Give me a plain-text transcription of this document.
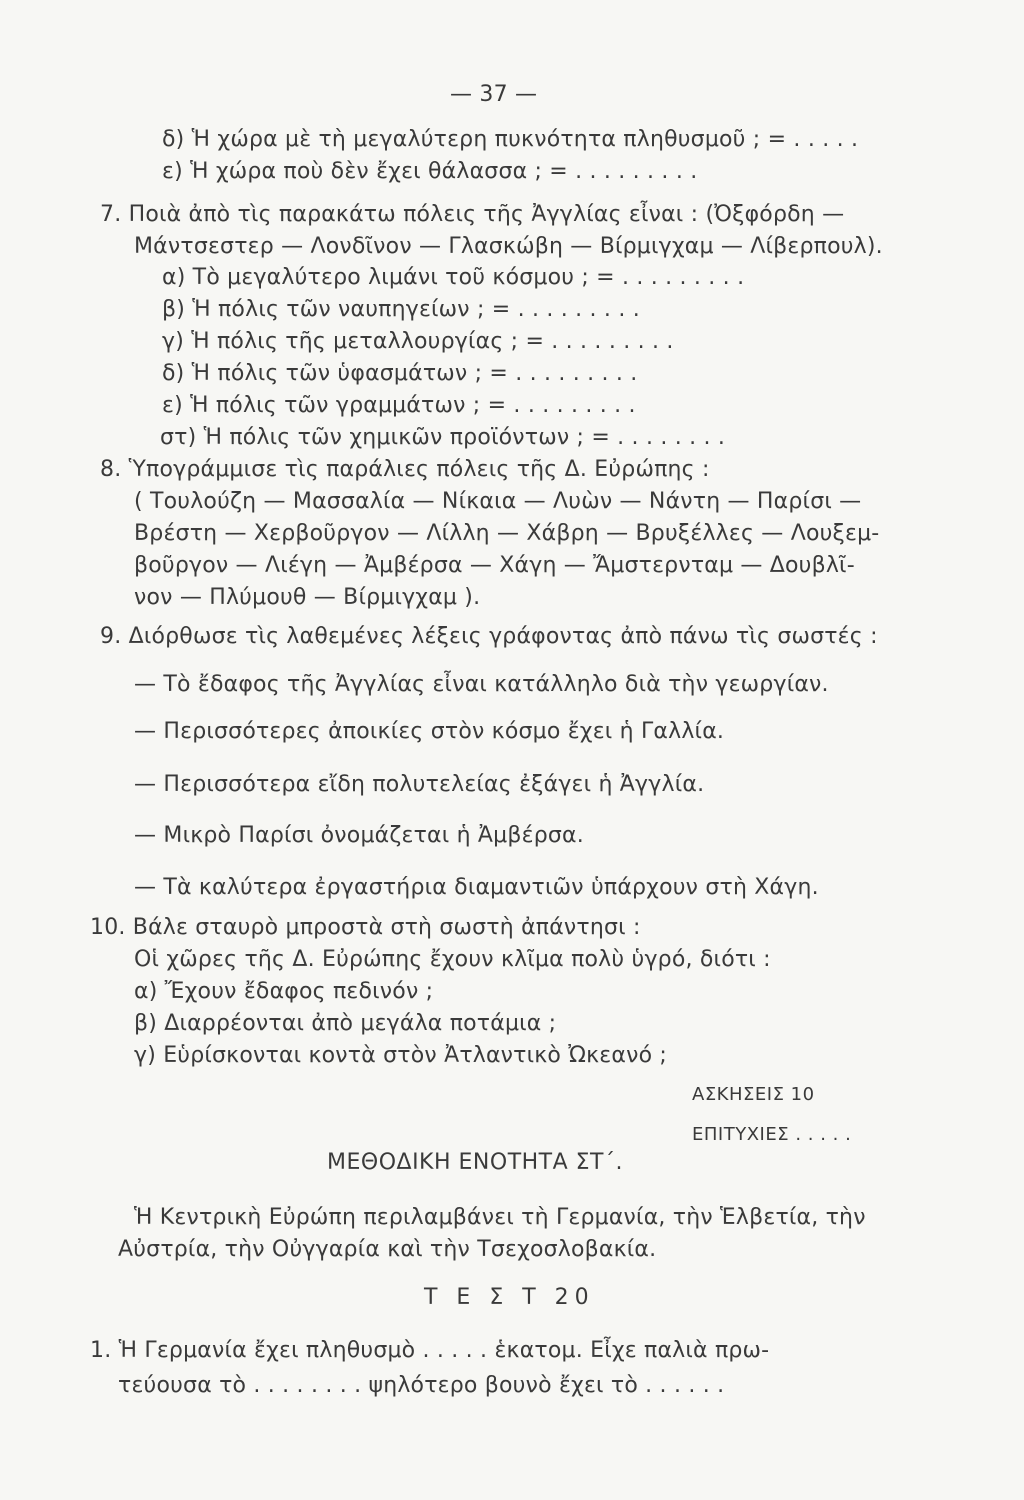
— 37 —
δ) Ἡ χώρα μὲ τὴ μεγαλύτερη πυκνότητα πληθυσμοῦ ; = . . . . .
ε) Ἡ χώρα ποὺ δὲν ἔχει θάλασσα ; = . . . . . . . . .
7. Ποιὰ ἀπὸ τὶς παρακάτω πόλεις τῆς Ἀγγλίας εἶναι : (Ὀξφόρδη —
Μάντσεστερ — Λονδῖνον — Γλασκώβη — Βίρμιγχαμ — Λίβερπουλ).
α) Τὸ μεγαλύτερο λιμάνι τοῦ κόσμου ; = . . . . . . . . .
β) Ἡ πόλις τῶν ναυπηγείων ; = . . . . . . . . .
γ) Ἡ πόλις τῆς μεταλλουργίας ; = . . . . . . . . .
δ) Ἡ πόλις τῶν ὑφασμάτων ; = . . . . . . . . .
ε) Ἡ πόλις τῶν γραμμάτων ; = . . . . . . . . .
στ) Ἡ πόλις τῶν χημικῶν προϊόντων ; = . . . . . . . .
8. Ὑπογράμμισε τὶς παράλιες πόλεις τῆς Δ. Εὐρώπης :
( Τουλούζη — Μασσαλία — Νίκαια — Λυὼν — Νάντη — Παρίσι —
Βρέστη — Χερβοῦργον — Λίλλη — Χάβρη — Βρυξέλλες — Λουξεμ-
βοῦργον — Λιέγη — Ἀμβέρσα — Χάγη — Ἄμστερνταμ — Δουβλῖ-
νον — Πλύμουθ — Βίρμιγχαμ ).
9. Διόρθωσε τὶς λαθεμένες λέξεις γράφοντας ἀπὸ πάνω τὶς σωστές :
— Τὸ ἔδαφος τῆς Ἀγγλίας εἶναι κατάλληλο διὰ τὴν γεωργίαν.
— Περισσότερες ἀποικίες στὸν κόσμο ἔχει ἡ Γαλλία.
— Περισσότερα εἴδη πολυτελείας ἐξάγει ἡ Ἀγγλία.
— Μικρὸ Παρίσι ὀνομάζεται ἡ Ἀμβέρσα.
— Τὰ καλύτερα ἐργαστήρια διαμαντιῶν ὑπάρχουν στὴ Χάγη.
10. Βάλε σταυρὸ μπροστὰ στὴ σωστὴ ἀπάντησι :
Οἱ χῶρες τῆς Δ. Εὐρώπης ἔχουν κλῖμα πολὺ ὑγρό, διότι :
α) Ἔχουν ἔδαφος πεδινόν ;
β) Διαρρέονται ἀπὸ μεγάλα ποτάμια ;
γ) Εὑρίσκονται κοντὰ στὸν Ἀτλαντικὸ Ὠκεανό ;
ΑΣΚΗΣΕΙΣ 10
ΕΠΙΤΥΧΙΕΣ . . . . .
ΜΕΘΟΔΙΚΗ ΕΝΟΤΗΤΑ ΣΤ΄.
Ἡ Κεντρικὴ Εὐρώπη περιλαμβάνει τὴ Γερμανία, τὴν Ἑλβετία, τὴν
Αὐστρία, τὴν Οὐγγαρία καὶ τὴν Τσεχοσλοβακία.
Τ Ε Σ Τ 20
1. Ἡ Γερμανία ἔχει πληθυσμὸ . . . . . ἑκατομ. Εἶχε παλιὰ πρω-
τεύουσα τὸ . . . . . . . . ψηλότερο βουνὸ ἔχει τὸ . . . . . .
